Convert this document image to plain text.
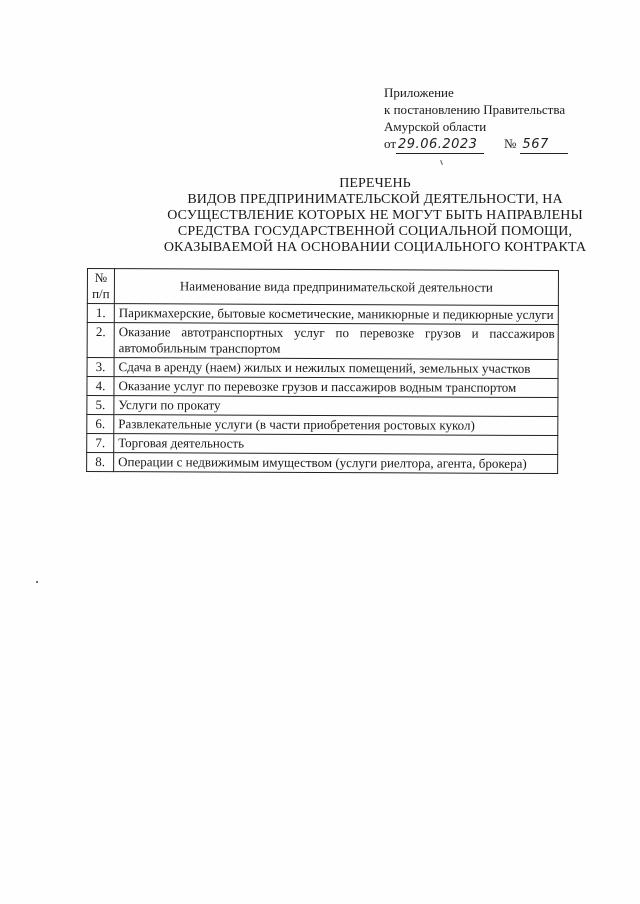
Приложение
к постановлению Правительства
Амурской области
от 29.06.2023	№ 567
ПЕРЕЧЕНЬ
ВИДОВ ПРЕДПРИНИМАТЕЛЬСКОЙ ДЕЯТЕЛЬНОСТИ, НА
ОСУЩЕСТВЛЕНИЕ КОТОРЫХ НЕ МОГУТ БЫТЬ НАПРАВЛЕНЫ
СРЕДСТВА ГОСУДАРСТВЕННОЙ СОЦИАЛЬНОЙ ПОМОЩИ,
ОКАЗЫВАЕМОЙ НА ОСНОВАНИИ СОЦИАЛЬНОГО КОНТРАКТА
№
п/п	Наименование вида предпринимательской деятельности
1.	Парикмахерские, бытовые косметические, маникюрные и педикюрные услуги
2.	Оказание автотранспортных услуг по перевозке грузов и пассажиров автомобильным транспортом
3.	Сдача в аренду (наем) жилых и нежилых помещений, земельных участков
4.	Оказание услуг по перевозке грузов и пассажиров водным транспортом
5.	Услуги по прокату
6.	Развлекательные услуги (в части приобретения ростовых кукол)
7.	Торговая деятельность
8.	Операции с недвижимым имуществом (услуги риелтора, агента, брокера)
